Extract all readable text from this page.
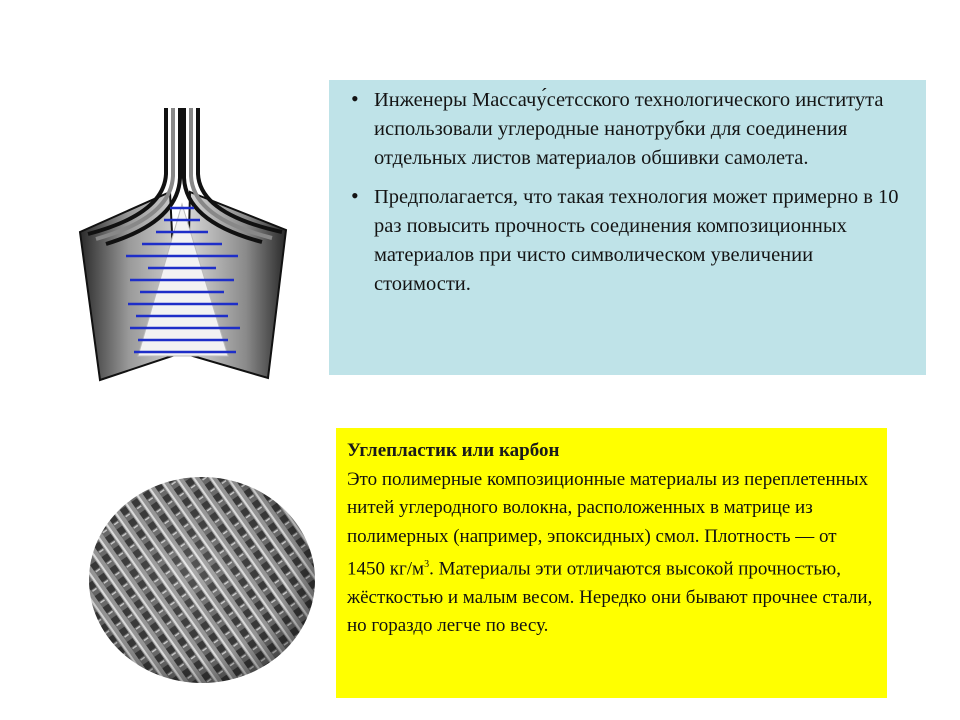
• Инженеры Массачу́сетсского технологического института использовали углеродные нанотрубки для соединения отдельных листов материалов обшивки самолета.
• Предполагается, что такая технология может примерно в 10 раз повысить прочность соединения композиционных материалов при чисто символическом увеличении стоимости.
Углепластик или карбон
Это полимерные композиционные материалы из переплетенных нитей углеродного волокна, расположенных в матрице из полимерных (например, эпоксидных) смол. Плотность — от 1450 $кг/м^3$. Материалы эти отличаются высокой прочностью, жёсткостью и малым весом. Нередко они бывают прочнее стали, но гораздо легче по весу.
